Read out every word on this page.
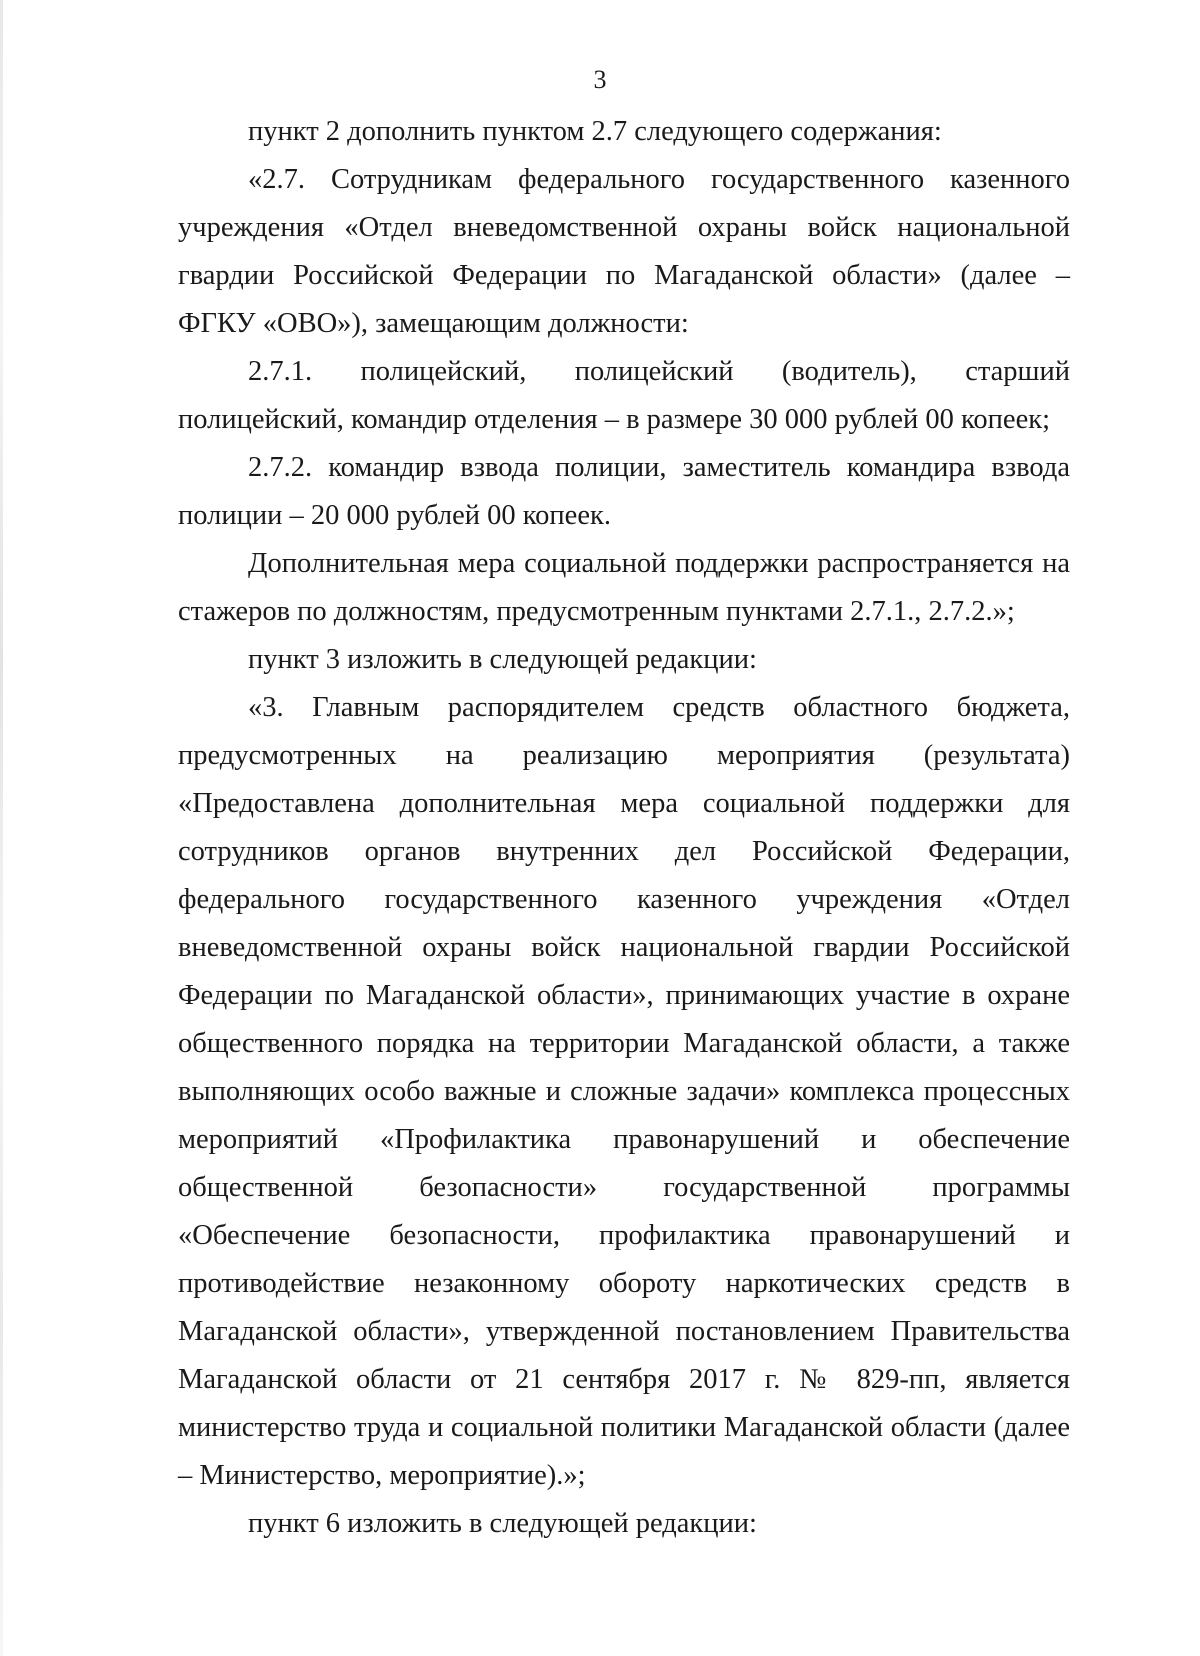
3

пункт 2 дополнить пунктом 2.7 следующего содержания:

«2.7. Сотрудникам федерального государственного казенного учреждения «Отдел вневедомственной охраны войск национальной гвардии Российской Федерации по Магаданской области» (далее – ФГКУ «ОВО»), замещающим должности:

2.7.1. полицейский, полицейский (водитель), старший полицейский, командир отделения – в размере 30 000 рублей 00 копеек;

2.7.2. командир взвода полиции, заместитель командира взвода полиции – 20 000 рублей 00 копеек.

Дополнительная мера социальной поддержки распространяется на стажеров по должностям, предусмотренным пунктами 2.7.1., 2.7.2.»;

пункт 3 изложить в следующей редакции:

«3. Главным распорядителем средств областного бюджета, предусмотренных на реализацию мероприятия (результата) «Предоставлена дополнительная мера социальной поддержки для сотрудников органов внутренних дел Российской Федерации, федерального государственного казенного учреждения «Отдел вневедомственной охраны войск национальной гвардии Российской Федерации по Магаданской области», принимающих участие в охране общественного порядка на территории Магаданской области, а также выполняющих особо важные и сложные задачи» комплекса процессных мероприятий «Профилактика правонарушений и обеспечение общественной безопасности» государственной программы «Обеспечение безопасности, профилактика правонарушений и противодействие незаконному обороту наркотических средств в Магаданской области», утвержденной постановлением Правительства Магаданской области от 21 сентября 2017 г. № 829-пп, является министерство труда и социальной политики Магаданской области (далее – Министерство, мероприятие).»;

пункт 6 изложить в следующей редакции:
